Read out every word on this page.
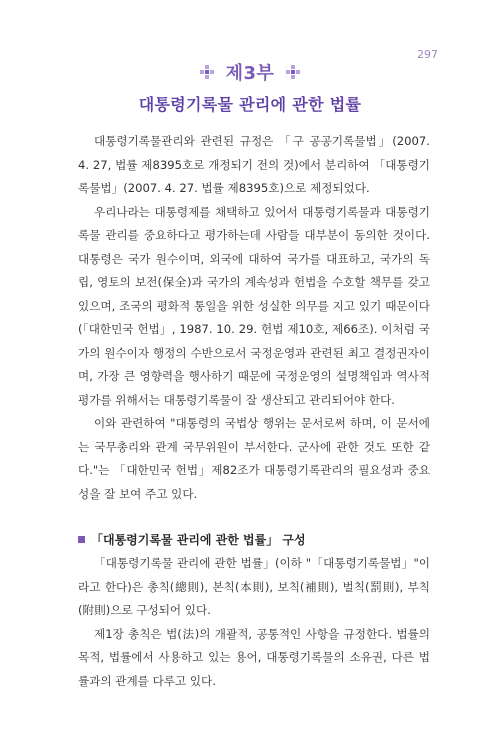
297
제3부
대통령기록물 관리에 관한 법률

대통령기록물관리와 관련된 규정은 「구 공공기록물법」(2007. 4. 27, 법률 제8395호로 개정되기 전의 것)에서 분리하여 「대통령기록물법」(2007. 4. 27. 법률 제8395호)으로 제정되었다.

우리나라는 대통령제를 채택하고 있어서 대통령기록물과 대통령기록물 관리를 중요하다고 평가하는데 사람들 대부분이 동의한 것이다. 대통령은 국가 원수이며, 외국에 대하여 국가를 대표하고, 국가의 독립, 영토의 보전(保全)과 국가의 계속성과 헌법을 수호할 책무를 갖고 있으며, 조국의 평화적 통일을 위한 성실한 의무를 지고 있기 때문이다(「대한민국 헌법」, 1987. 10. 29. 헌법 제10호, 제66조). 이처럼 국가의 원수이자 행정의 수반으로서 국정운영과 관련된 최고 결정권자이며, 가장 큰 영향력을 행사하기 때문에 국정운영의 설명책임과 역사적 평가를 위해서는 대통령기록물이 잘 생산되고 관리되어야 한다.

이와 관련하여 "대통령의 국법상 행위는 문서로써 하며, 이 문서에는 국무총리와 관계 국무위원이 부서한다. 군사에 관한 것도 또한 같다."는 「대한민국 헌법」제82조가 대통령기록관리의 필요성과 중요성을 잘 보여 주고 있다.

「대통령기록물 관리에 관한 법률」 구성

「대통령기록물 관리에 관한 법률」(이하 "「대통령기록물법」"이라고 한다)은 총칙(總則), 본칙(本則), 보칙(補則), 벌칙(罰則), 부칙(附則)으로 구성되어 있다.

제1장 총칙은 법(法)의 개괄적, 공통적인 사항을 규정한다. 법률의 목적, 법률에서 사용하고 있는 용어, 대통령기록물의 소유권, 다른 법률과의 관계를 다루고 있다.
